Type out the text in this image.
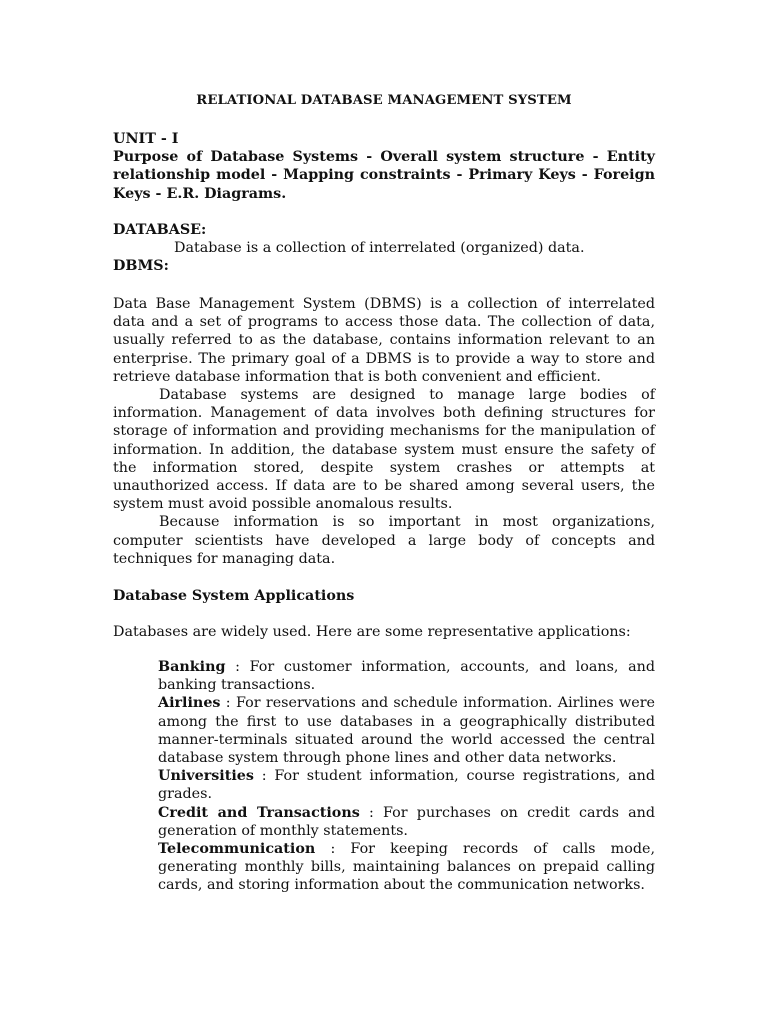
RELATIONAL DATABASE MANAGEMENT SYSTEM

UNIT - I

Purpose of Database Systems - Overall system structure - Entity relationship model - Mapping constraints - Primary Keys - Foreign Keys - E.R. Diagrams.

DATABASE:

Database is a collection of interrelated (organized) data.

DBMS:

Data Base Management System (DBMS) is a collection of interrelated data and a set of programs to access those data. The collection of data, usually referred to as the database, contains information relevant to an enterprise. The primary goal of a DBMS is to provide a way to store and retrieve database information that is both convenient and efficient.

Database systems are designed to manage large bodies of information. Management of data involves both defining structures for storage of information and providing mechanisms for the manipulation of information. In addition, the database system must ensure the safety of the information stored, despite system crashes or attempts at unauthorized access. If data are to be shared among several users, the system must avoid possible anomalous results.

Because information is so important in most organizations, computer scientists have developed a large body of concepts and techniques for managing data.

Database System Applications

Databases are widely used. Here are some representative applications:

Banking : For customer information, accounts, and loans, and banking transactions.

Airlines : For reservations and schedule information. Airlines were among the first to use databases in a geographically distributed manner-terminals situated around the world accessed the central database system through phone lines and other data networks.

Universities : For student information, course registrations, and grades.

Credit and Transactions : For purchases on credit cards and generation of monthly statements.

Telecommunication : For keeping records of calls mode, generating monthly bills, maintaining balances on prepaid calling cards, and storing information about the communication networks.
